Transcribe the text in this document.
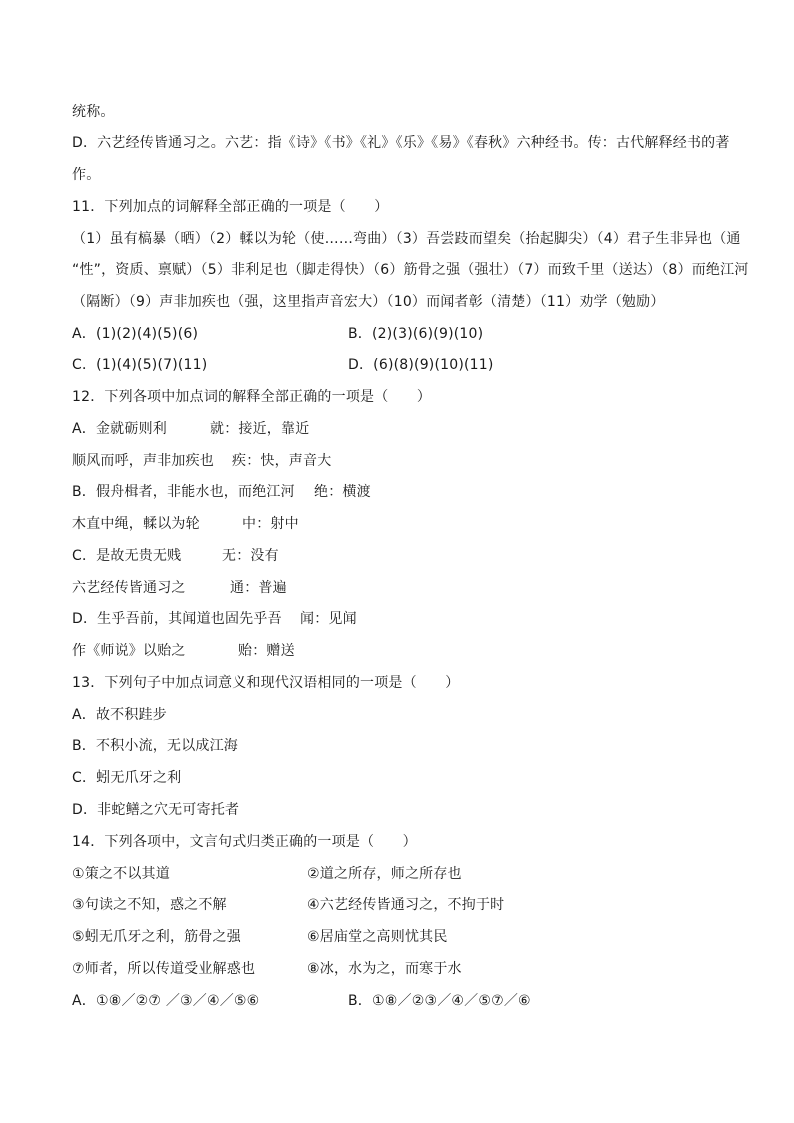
统称。
D．六艺经传皆通习之。六艺：指《诗》《书》《礼》《乐》《易》《春秋》六种经书。传：古代解释经书的著
作。
11．下列加点的词解释全部正确的一项是（　　）
（1）虽有槁暴（晒）（2）輮以为轮（使……弯曲）（3）吾尝跂而望矣（抬起脚尖）（4）君子生非异也（通
“性”，资质、禀赋）（5）非利足也（脚走得快）（6）筋骨之强（强壮）（7）而致千里（送达）（8）而绝江河
（隔断）（9）声非加疾也（强，这里指声音宏大）（10）而闻者彰（清楚）（11）劝学（勉励）
A．(1)(2)(4)(5)(6)	B．(2)(3)(6)(9)(10)
C．(1)(4)(5)(7)(11)	D．(6)(8)(9)(10)(11)
12．下列各项中加点词的解释全部正确的一项是（　　）
A．金就砺则利	就：接近，靠近
顺风而呼，声非加疾也 疾：快，声音大
B．假舟楫者，非能水也，而绝江河 绝：横渡
木直中绳，輮以为轮	中：射中
C．是故无贵无贱	无：没有
六艺经传皆通习之	通：普遍
D．生乎吾前，其闻道也固先乎吾 闻：见闻
作《师说》以贻之	贻：赠送
13．下列句子中加点词意义和现代汉语相同的一项是（　　）
A．故不积跬步
B．不积小流，无以成江海
C．蚓无爪牙之利
D．非蛇鳝之穴无可寄托者
14．下列各项中，文言句式归类正确的一项是（　　）
①策之不以其道	②道之所存，师之所存也
③句读之不知，惑之不解	④六艺经传皆通习之，不拘于时
⑤蚓无爪牙之利，筋骨之强	⑥居庙堂之高则忧其民
⑦师者，所以传道受业解惑也	⑧冰，水为之，而寒于水
A．①⑧／②⑦ ／③／④／⑤⑥	B．①⑧／②③／④／⑤⑦／⑥
